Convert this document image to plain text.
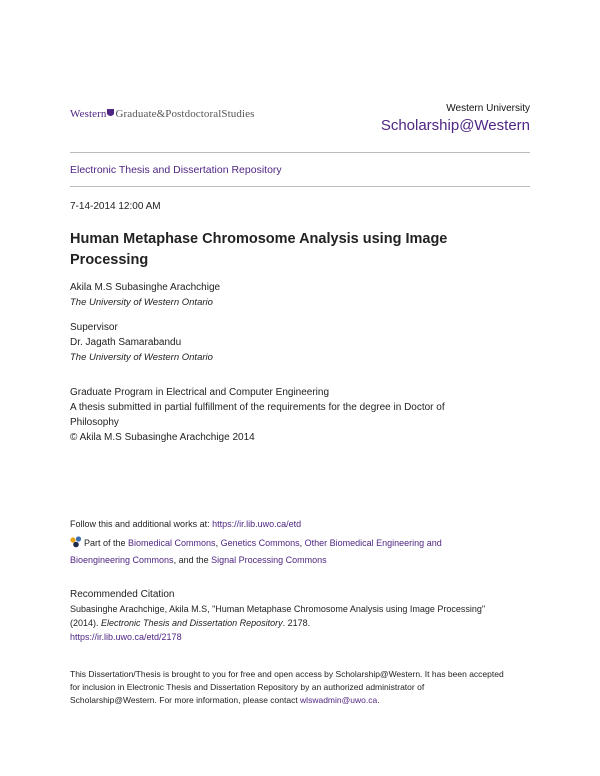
Western Graduate&PostdoctoralStudies	Western University
Scholarship@Western
Electronic Thesis and Dissertation Repository
7-14-2014 12:00 AM
Human Metaphase Chromosome Analysis using Image Processing
Akila M.S Subasinghe Arachchige
The University of Western Ontario
Supervisor
Dr. Jagath Samarabandu
The University of Western Ontario
Graduate Program in Electrical and Computer Engineering
A thesis submitted in partial fulfillment of the requirements for the degree in Doctor of
Philosophy
© Akila M.S Subasinghe Arachchige 2014
Follow this and additional works at: https://ir.lib.uwo.ca/etd
Part of the Biomedical Commons, Genetics Commons, Other Biomedical Engineering and
Bioengineering Commons, and the Signal Processing Commons
Recommended Citation
Subasinghe Arachchige, Akila M.S, "Human Metaphase Chromosome Analysis using Image Processing"
(2014). Electronic Thesis and Dissertation Repository. 2178.
https://ir.lib.uwo.ca/etd/2178
This Dissertation/Thesis is brought to you for free and open access by Scholarship@Western. It has been accepted
for inclusion in Electronic Thesis and Dissertation Repository by an authorized administrator of
Scholarship@Western. For more information, please contact wlswadmin@uwo.ca.
